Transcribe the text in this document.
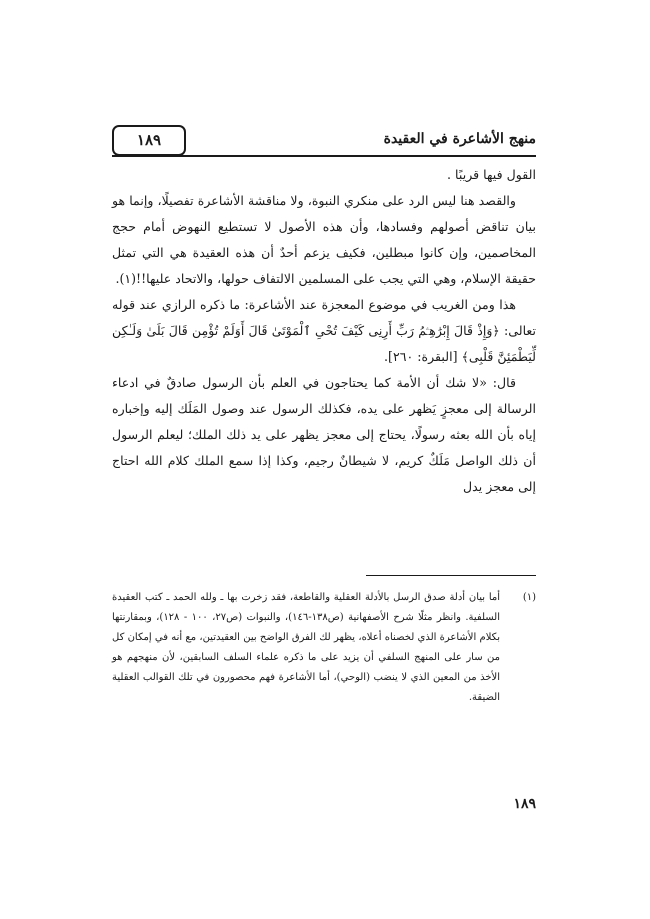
١٨٩	منهج الأشاعرة في العقيدة

القول فيها قريبًا .

والقصد هنا ليس الرد على منكري النبوة، ولا مناقشة الأشاعرة تفصيلًا، وإنما هو بيان تناقض أصولهم وفسادها، وأن هذه الأصول لا تستطيع النهوض أمام حجج المخاصمين، وإن كانوا مبطلين، فكيف يزعم أحدٌ أن هذه العقيدة هي التي تمثل حقيقة الإسلام، وهي التي يجب على المسلمين الالتفاف حولها، والاتحاد عليها!!(١).

هذا ومن الغريب في موضوع المعجزة عند الأشاعرة: ما ذكره الرازي عند قوله تعالى: ﴿وَإِذْ قَالَ إِبْرَٰهِـۧمُ رَبِّ أَرِنِى كَيْفَ تُحْىِ ٱلْمَوْتَىٰ قَالَ أَوَلَمْ تُؤْمِن قَالَ بَلَىٰ وَلَـٰكِن لِّيَطْمَئِنَّ قَلْبِى﴾ [البقرة: ٢٦٠].

قال: «لا شك أن الأمة كما يحتاجون في العلم بأن الرسول صادقٌ في ادعاء الرسالة إلى معجزٍ يَظهر على يده، فكذلك الرسول عند وصول المَلَك إليه وإخباره إياه بأن الله بعثه رسولًا، يحتاج إلى معجز يظهر على يد ذلك الملك؛ ليعلم الرسول أن ذلك الواصل مَلَكٌ كريم، لا شيطانٌ رجيم، وكذا إذا سمع الملك كلام الله احتاج إلى معجز يدل

(١)
أما بيان أدلة صدق الرسل بالأدلة العقلية والقاطعة، فقد زخرت بها ـ ولله الحمد ـ كتب العقيدة السلفية. وانظر مثلًا شرح الأصفهانية (ص١٣٨-١٤٦)، والنبوات (ص٢٧، ١٠٠ - ١٢٨)، وبمقارنتها بكلام الأشاعرة الذي لخصناه أعلاه، يظهر لك الفرق الواضح بين العقيدتين، مع أنه في إمكان كل من سار على المنهج السلفي أن يزيد على ما ذكره علماء السلف السابقين، لأن منهجهم هو الأخذ من المعين الذي لا ينضب (الوحي)، أما الأشاعرة فهم محصورون في تلك القوالب العقلية الضيقة.
١٨٩
